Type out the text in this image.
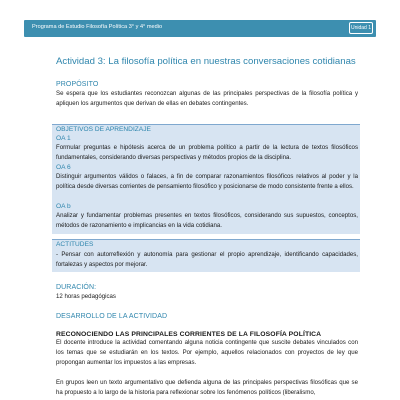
Programa de Estudio Filosofía Política 3° y 4° medio	Unidad 1
Actividad 3: La filosofía política en nuestras conversaciones cotidianas
PROPÓSITO
Se espera que los estudiantes reconozcan algunas de las principales perspectivas de la filosofía política y apliquen los argumentos que derivan de ellas en debates contingentes.
OBJETIVOS DE APRENDIZAJE
OA 1
Formular preguntas e hipótesis acerca de un problema político a partir de la lectura de textos filosóficos fundamentales, considerando diversas perspectivas y métodos propios de la disciplina.
OA 6
Distinguir argumentos válidos o falaces, a fin de comparar razonamientos filosóficos relativos al poder y la política desde diversas corrientes de pensamiento filosófico y posicionarse de modo consistente frente a ellos.
OA b
Analizar y fundamentar problemas presentes en textos filosóficos, considerando sus supuestos, conceptos, métodos de razonamiento e implicancias en la vida cotidiana.
ACTITUDES
- Pensar con autorreflexión y autonomía para gestionar el propio aprendizaje, identificando capacidades, fortalezas y aspectos por mejorar.
DURACIÓN:
12 horas pedagógicas
DESARROLLO DE LA ACTIVIDAD
RECONOCIENDO LAS PRINCIPALES CORRIENTES DE LA FILOSOFÍA POLÍTICA
El docente introduce la actividad comentando alguna noticia contingente que suscite debates vinculados con los temas que se estudiarán en los textos. Por ejemplo, aquellos relacionados con proyectos de ley que propongan aumentar los impuestos a las empresas.
En grupos leen un texto argumentativo que defienda alguna de las principales perspectivas filosóficas que se ha propuesto a lo largo de la historia para reflexionar sobre los fenómenos políticos (liberalismo,
